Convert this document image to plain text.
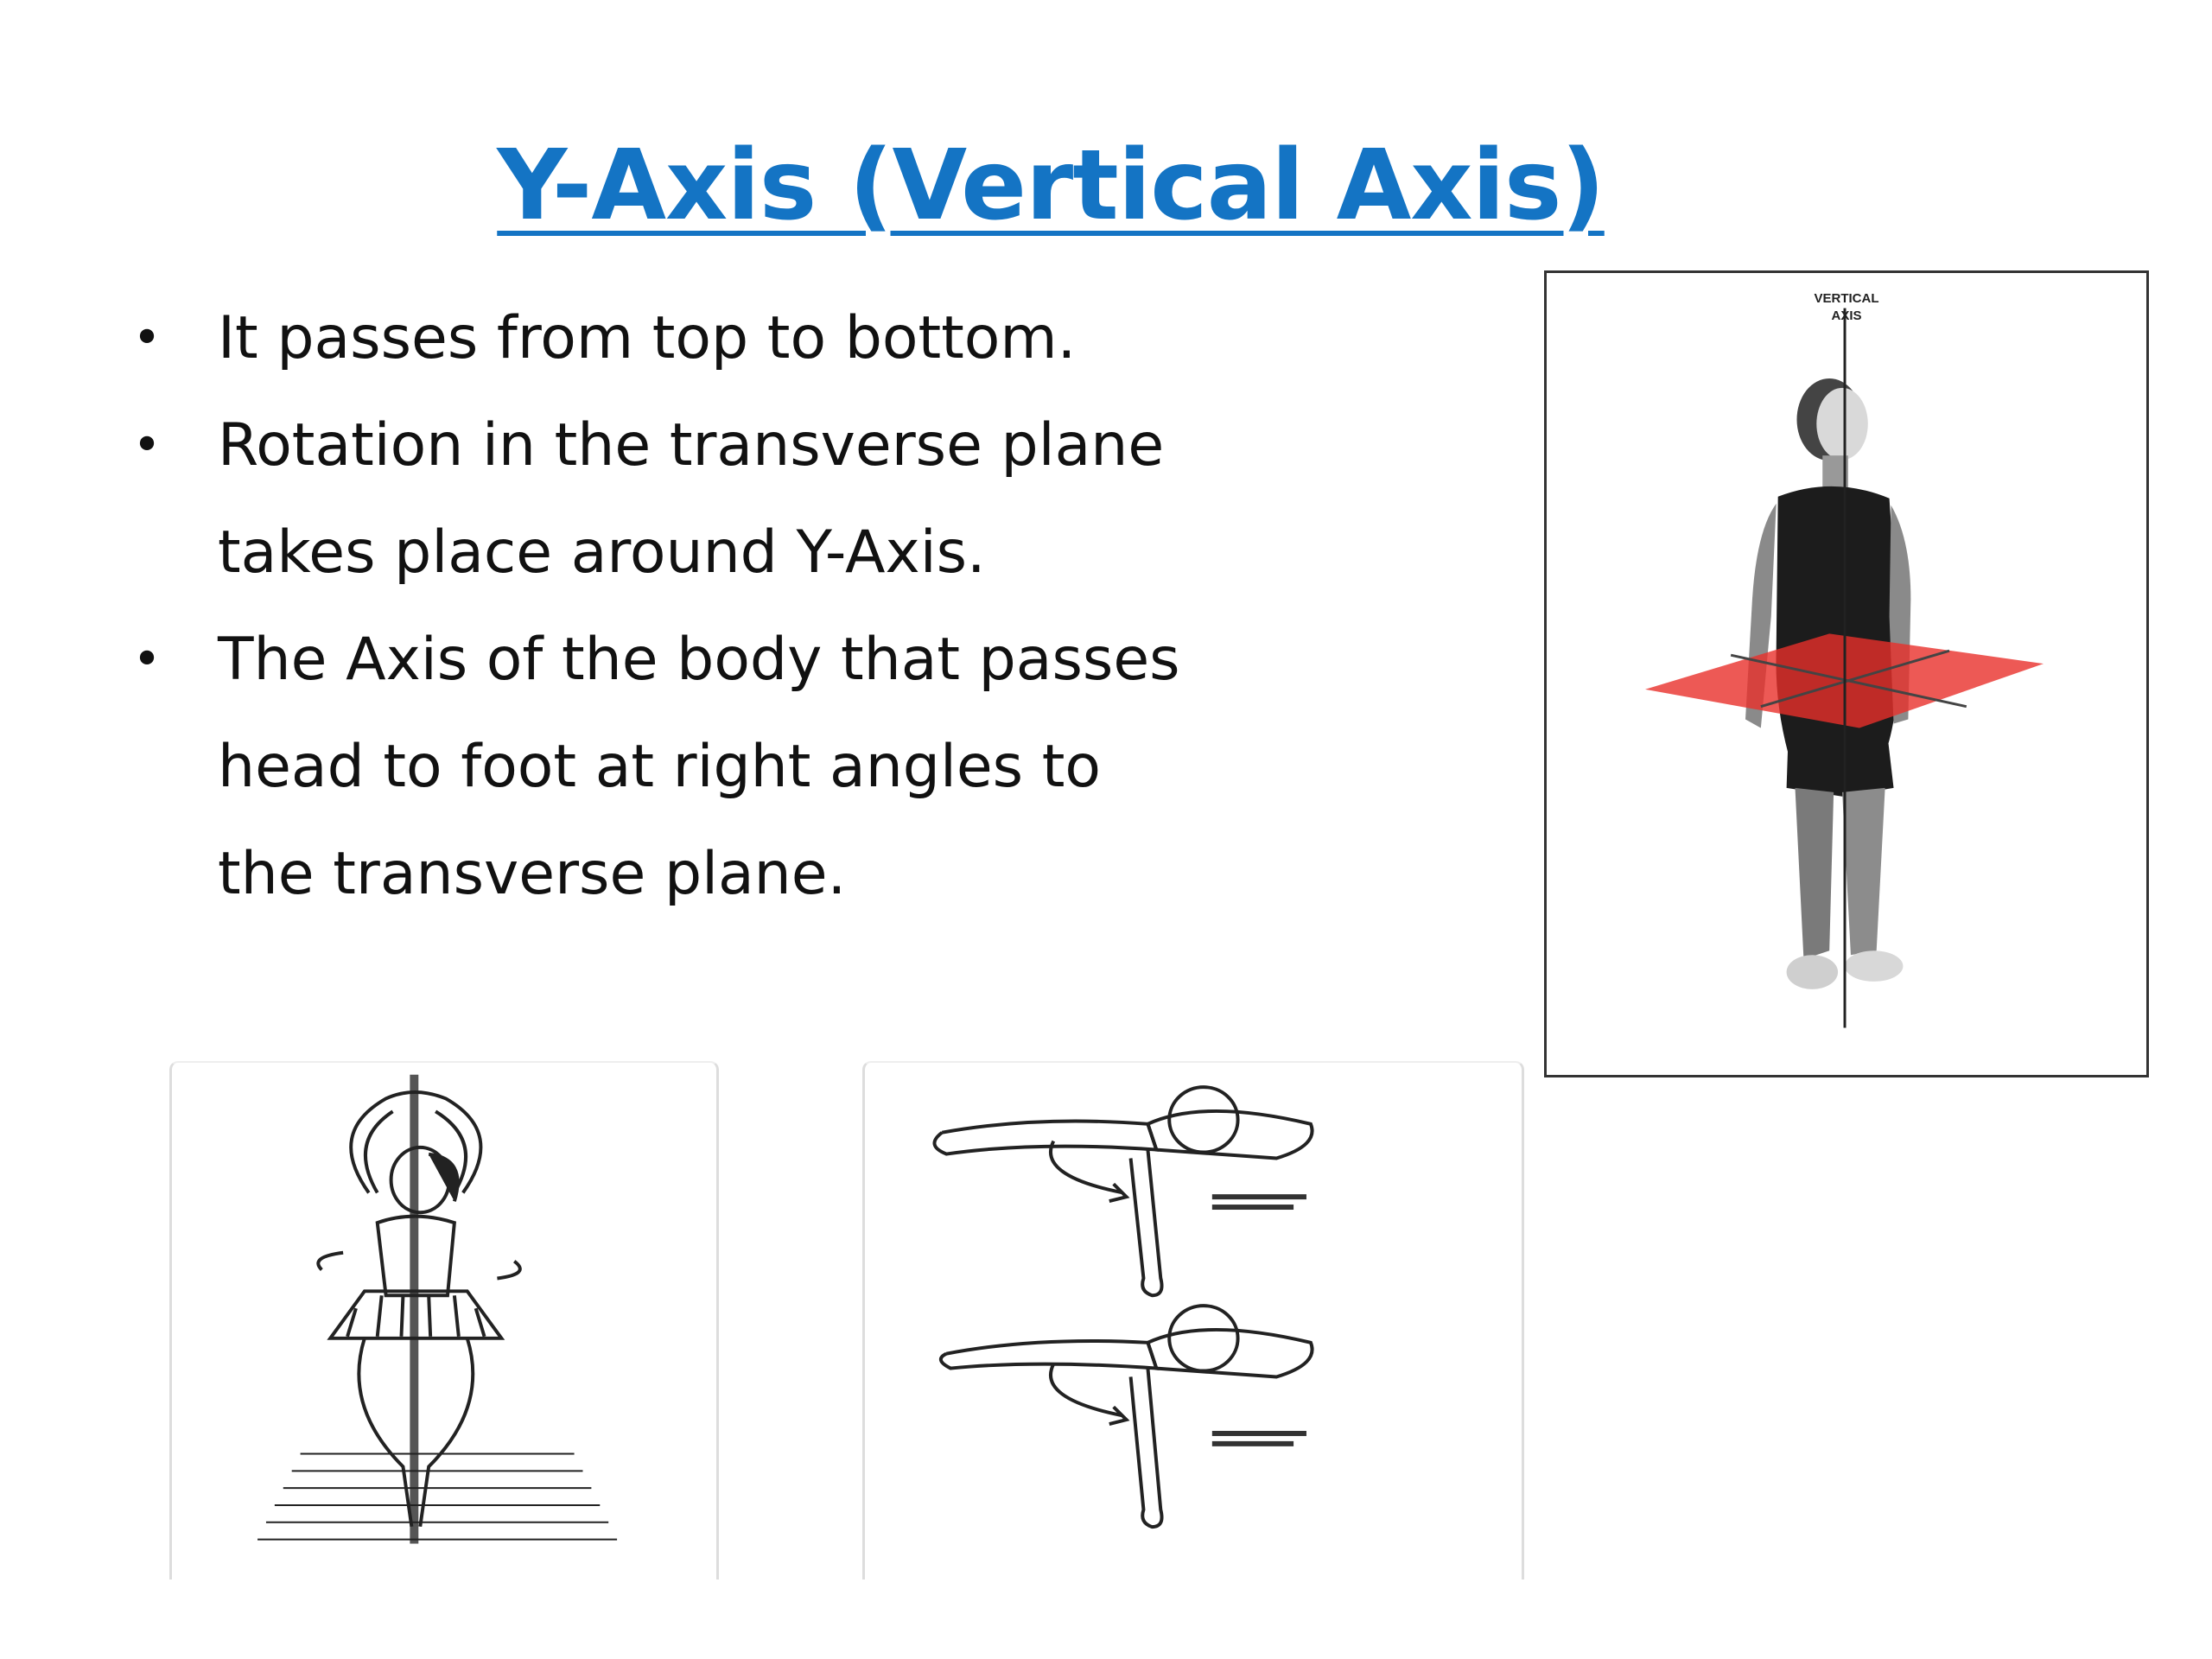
Y-Axis (Vertical Axis)
• It passes from top to bottom.
• Rotation in the transverse plane
takes place around Y-Axis.
• The Axis of the body that passes
head to foot at right angles to
the transverse plane.
VERTICAL
AXIS
